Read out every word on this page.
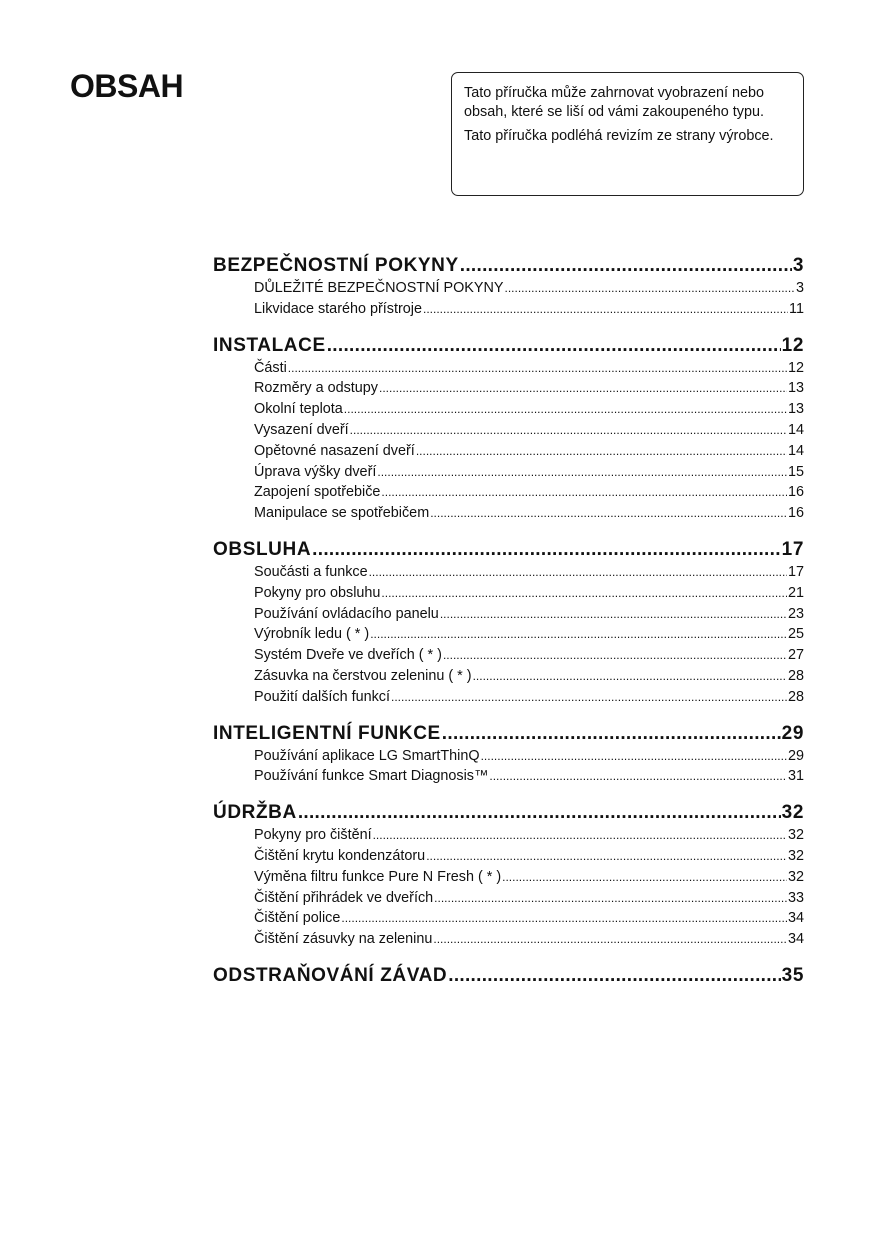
OBSAH	Tato příručka může zahrnovat vyobrazení nebo obsah, které se liší od vámi zakoupeného typu.

Tato příručka podléhá revizím ze strany výrobce.

BEZPEČNOSTNÍ POKYNY .....	3
DŮLEŽITÉ BEZPEČNOSTNÍ POKYNY .....	3
Likvidace starého přístroje .....	11
INSTALACE .....	12
Části .....	12
Rozměry a odstupy .....	13
Okolní teplota .....	13
Vysazení dveří .....	14
Opětovné nasazení dveří .....	14
Úprava výšky dveří .....	15
Zapojení spotřebiče .....	16
Manipulace se spotřebičem .....	16
OBSLUHA .....	17
Součásti a funkce .....	17
Pokyny pro obsluhu .....	21
Používání ovládacího panelu .....	23
Výrobník ledu ( * ) .....	25
Systém Dveře ve dveřích ( * ) .....	27
Zásuvka na čerstvou zeleninu ( * ) .....	28
Použití dalších funkcí .....	28
INTELIGENTNÍ FUNKCE .....	29
Používání aplikace LG SmartThinQ .....	29
Používání funkce Smart Diagnosis™ .....	31
ÚDRŽBA .....	32
Pokyny pro čištění .....	32
Čištění krytu kondenzátoru .....	32
Výměna filtru funkce Pure N Fresh ( * ) .....	32
Čištění přihrádek ve dveřích .....	33
Čištění police .....	34
Čištění zásuvky na zeleninu .....	34
ODSTRAŇOVÁNÍ ZÁVAD .....	35
